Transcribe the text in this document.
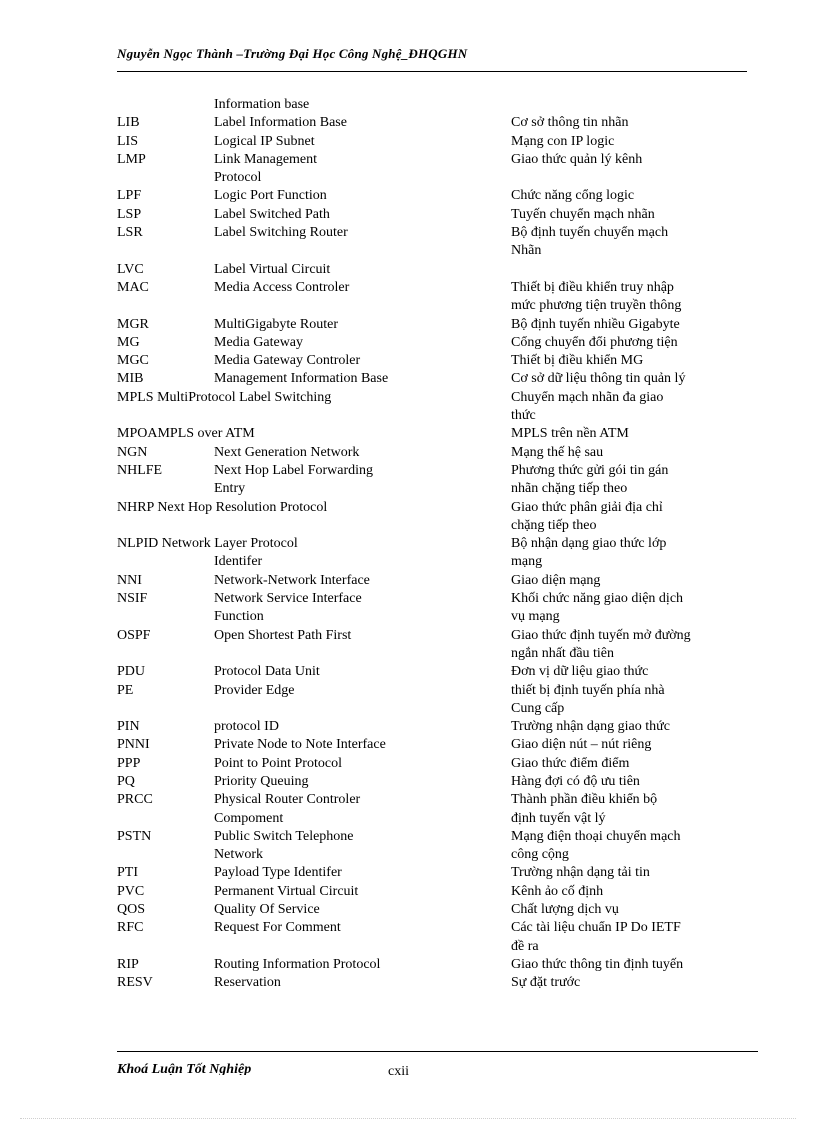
Nguyễn Ngọc Thành –Trường Đại Học Công Nghệ_ĐHQGHN
Information base
LIB	Label Information Base	Cơ sở thông tin nhãn
LIS	Logical IP Subnet	Mạng con IP logic
LMP	Link Management	Giao thức quản lý kênh
Protocol
LPF	Logic Port Function	Chức năng cổng logic
LSP	Label Switched Path	Tuyến chuyển mạch nhãn
LSR	Label Switching Router	Bộ định tuyến chuyển mạch
Nhãn
LVC	Label Virtual Circuit
MAC	Media Access Controler	Thiết bị điều khiển truy nhập
mức phương tiện truyền thông
MGR	MultiGigabyte Router	Bộ định tuyến nhiều Gigabyte
MG	Media Gateway	Cổng chuyển đổi phương tiện
MGC	Media Gateway Controler	Thiết bị điều khiển MG
MIB	Management Information Base	Cơ sở dữ liệu thông tin quản lý
MPLS MultiProtocol Label Switching	Chuyển mạch nhãn đa giao
thức
MPOAMPLS over ATM	MPLS trên nền ATM
NGN	Next Generation Network	Mạng thế hệ sau
NHLFE	Next Hop Label Forwarding	Phương thức gửi gói tin gán
Entry	nhãn chặng tiếp theo
NHRP Next Hop Resolution Protocol	Giao thức phân giải địa chỉ
chặng tiếp theo
NLPID Network Layer Protocol	Bộ nhận dạng giao thức lớp
Identifer	mạng
NNI	Network-Network Interface	Giao diện mạng
NSIF	Network Service Interface	Khối chức năng giao diện dịch
Function	vụ mạng
OSPF	Open Shortest Path First	Giao thức định tuyến mở đường
ngắn nhất đầu tiên
PDU	Protocol Data Unit	Đơn vị dữ liệu giao thức
PE	Provider Edge	thiết bị định tuyến phía nhà
Cung cấp
PIN	protocol ID	Trường nhận dạng giao thức
PNNI	Private Node to Note Interface	Giao diện nút – nút riêng
PPP	Point to Point Protocol	Giao thức điểm điểm
PQ	Priority Queuing	Hàng đợi có độ ưu tiên
PRCC	Physical Router Controler	Thành phần điều khiển bộ
Compoment	định tuyến vật lý
PSTN	Public Switch Telephone	Mạng điện thoại chuyển mạch
Network	công cộng
PTI	Payload Type Identifer	Trường nhận dạng tải tin
PVC	Permanent Virtual Circuit	Kênh ảo cố định
QOS	Quality Of Service	Chất lượng dịch vụ
RFC	Request For Comment	Các tài liệu chuẩn IP Do IETF
đề ra
RIP	Routing Information Protocol	Giao thức thông tin định tuyến
RESV	Reservation	Sự đặt trước
Khoá Luận Tốt Nghiệp	cxii
